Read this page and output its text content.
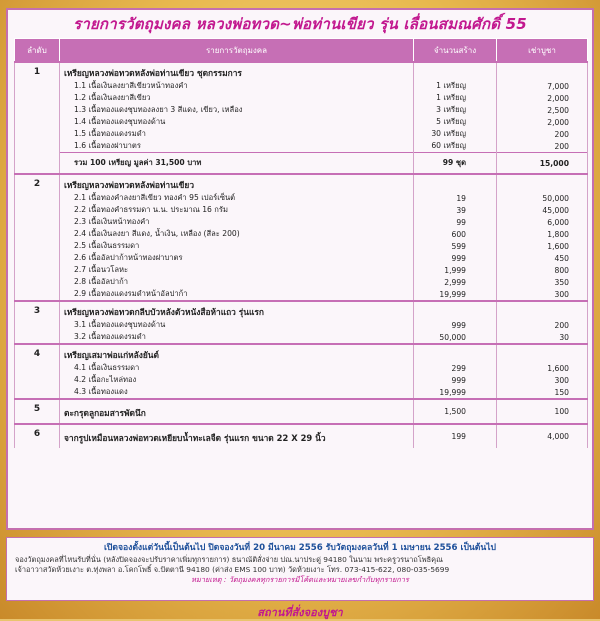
รายการวัตถุมงคล หลวงพ่อทวด~พ่อท่านเขียว รุ่น เลื่อนสมณศักดิ์ 55
ลำดับ	รายการวัตถุมงคล	จำนวนสร้าง	เช่าบูชา
1	เหรียญหลวงพ่อทวดหลังพ่อท่านเขียว ชุดกรรมการ		
	1.1 เนื้อเงินลงยาสีเขียวหน้าทองคำ	1 เหรียญ	7,000
	1.2 เนื้อเงินลงยาสีเขียว	1 เหรียญ	2,000
	1.3 เนื้อทองแดงชุบทองลงยา 3 สีแดง, เขียว, เหลือง	3 เหรียญ	2,500
	1.4 เนื้อทองแดงชุบทองด้าน	5 เหรียญ	2,000
	1.5 เนื้อทองแดงรมดำ	30 เหรียญ	200
	1.6 เนื้อทองฝาบาตร	60 เหรียญ	200
	รวม 100 เหรียญ มูลค่า 31,500 บาท	99 ชุด	15,000
2	เหรียญหลวงพ่อทวดหลังพ่อท่านเขียว		
	2.1 เนื้อทองคำลงยาสีเขียว ทองคำ 95 เปอร์เซ็นต์	19	50,000
	2.2 เนื้อทองคำธรรมดา น.น. ประมาณ 16 กรัม	39	45,000
	2.3 เนื้อเงินหน้าทองคำ	99	6,000
	2.4 เนื้อเงินลงยา สีแดง, น้ำเงิน, เหลือง (สีละ 200)	600	1,800
	2.5 เนื้อเงินธรรมดา	599	1,600
	2.6 เนื้ออัลปาก้าหน้าทองฝาบาตร	999	450
	2.7 เนื้อนวโลหะ	1,999	800
	2.8 เนื้ออัลปาก้า	2,999	350
	2.9 เนื้อทองแดงรมดำหน้าอัลปาก้า	19,999	300
3	เหรียญหลวงพ่อทวดกลีบบัวหลังตัวหนังสือห้าแถว รุ่นแรก		
	3.1 เนื้อทองแดงชุบทองด้าน	999	200
	3.2 เนื้อทองแดงรมดำ	50,000	30
4	เหรียญเสมาพ่อแก่หลังยันต์		
	4.1 เนื้อเงินธรรมดา	299	1,600
	4.2 เนื้อกะไหล่ทอง	999	300
	4.3 เนื้อทองแดง	19,999	150
5	ตะกรุดลูกอมสารพัดนึก	1,500	100
6	จากรูปเหมือนหลวงพ่อทวดเหยียบน้ำทะเลจืด รุ่นแรก ขนาด 22 X 29 นิ้ว	199	4,000
เปิดจองตั้งแต่วันนี้เป็นต้นไป ปิดจองวันที่ 20 มีนาคม 2556 รับวัตถุมงคลวันที่ 1 เมษายน 2556 เป็นต้นไป
จองวัตถุมงคลที่ไหนรับที่นั่น (หลังปิดจองจะปรับราคาเพิ่มทุกรายการ) ธนาณัติสั่งจ่าย ปณ.นาประดู่ 94180 ในนาม พระครูวรนาถโพธิคุณ
เจ้าอาวาสวัดห้วยเงาะ ต.ทุ่งพลา อ.โคกโพธิ์ จ.ปัตตานี 94180 (ค่าส่ง EMS 100 บาท) วัดห้วยเงาะ โทร. 073-415-622, 080-035-5699
หมายเหตุ : วัตถุมงคลทุกรายการมีโค้ดและหมายเลขกำกับทุกรายการ
สถานที่สั่งจองบูชา
